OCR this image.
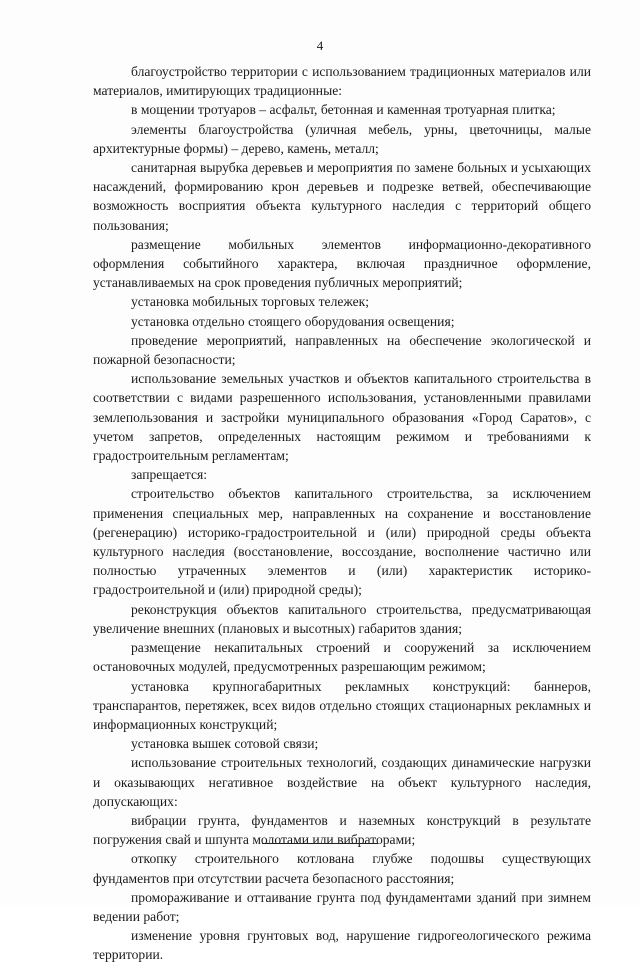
4

благоустройство территории с использованием традиционных материалов или материалов, имитирующих традиционные:

в мощении тротуаров – асфальт, бетонная и каменная тротуарная плитка;

элементы благоустройства (уличная мебель, урны, цветочницы, малые архитектурные формы) – дерево, камень, металл;

санитарная вырубка деревьев и мероприятия по замене больных и усыхающих насаждений, формированию крон деревьев и подрезке ветвей, обеспечивающие возможность восприятия объекта культурного наследия с территорий общего пользования;

размещение мобильных элементов информационно-декоративного оформления событийного характера, включая праздничное оформление, устанавливаемых на срок проведения публичных мероприятий;

установка мобильных торговых тележек;

установка отдельно стоящего оборудования освещения;

проведение мероприятий, направленных на обеспечение экологической и пожарной безопасности;

использование земельных участков и объектов капитального строительства в соответствии с видами разрешенного использования, установленными правилами землепользования и застройки муниципального образования «Город Саратов», с учетом запретов, определенных настоящим режимом и требованиями к градостроительным регламентам;

запрещается:

строительство объектов капитального строительства, за исключением применения специальных мер, направленных на сохранение и восстановление (регенерацию) историко-градостроительной и (или) природной среды объекта культурного наследия (восстановление, воссоздание, восполнение частично или полностью утраченных элементов и (или) характеристик историко-градостроительной и (или) природной среды);

реконструкция объектов капитального строительства, предусматривающая увеличение внешних (плановых и высотных) габаритов здания;

размещение некапитальных строений и сооружений за исключением остановочных модулей, предусмотренных разрешающим режимом;

установка крупногабаритных рекламных конструкций: баннеров, транспарантов, перетяжек, всех видов отдельно стоящих стационарных рекламных и информационных конструкций;

установка вышек сотовой связи;

использование строительных технологий, создающих динамические нагрузки и оказывающих негативное воздействие на объект культурного наследия, допускающих:

вибрации грунта, фундаментов и наземных конструкций в результате погружения свай и шпунта молотами или вибраторами;

откопку строительного котлована глубже подошвы существующих фундаментов при отсутствии расчета безопасного расстояния;

промораживание и оттаивание грунта под фундаментами зданий при зимнем ведении работ;

изменение уровня грунтовых вод, нарушение гидрогеологического режима территории.
